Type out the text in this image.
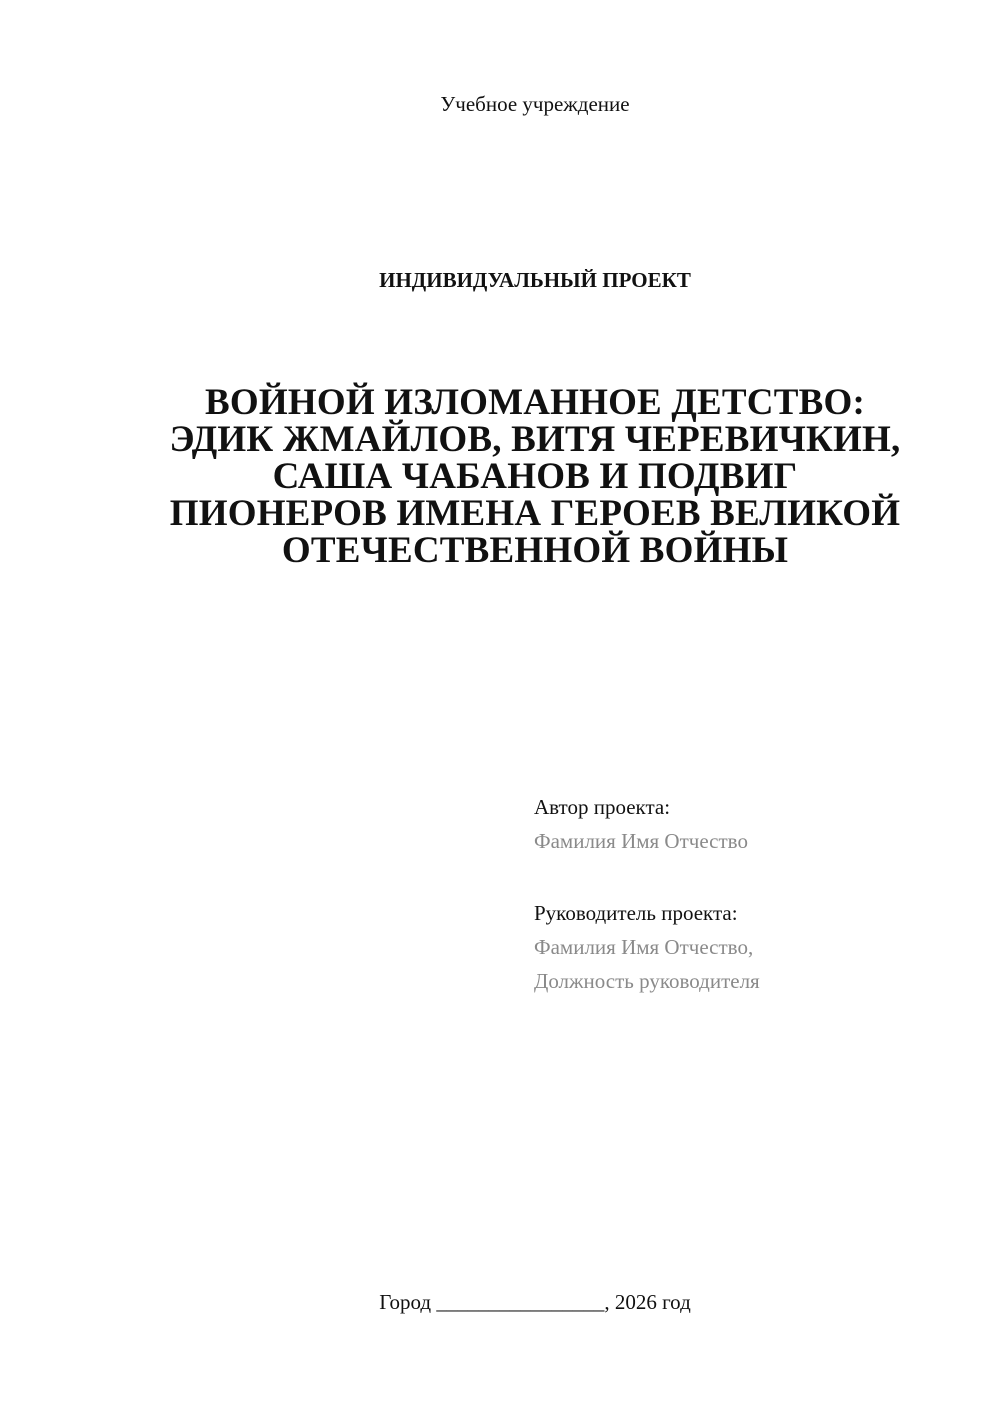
Учебное учреждение
ИНДИВИДУАЛЬНЫЙ ПРОЕКТ
ВОЙНОЙ ИЗЛОМАННОЕ ДЕТСТВО:
ЭДИК ЖМАЙЛОВ, ВИТЯ ЧЕРЕВИЧКИН,
САША ЧАБАНОВ И ПОДВИГ
ПИОНЕРОВ ИМЕНА ГЕРОЕВ ВЕЛИКОЙ
ОТЕЧЕСТВЕННОЙ ВОЙНЫ
Автор проекта:
Фамилия Имя Отчество
Руководитель проекта:
Фамилия Имя Отчество,
Должность руководителя
Город ________________, 2026 год
